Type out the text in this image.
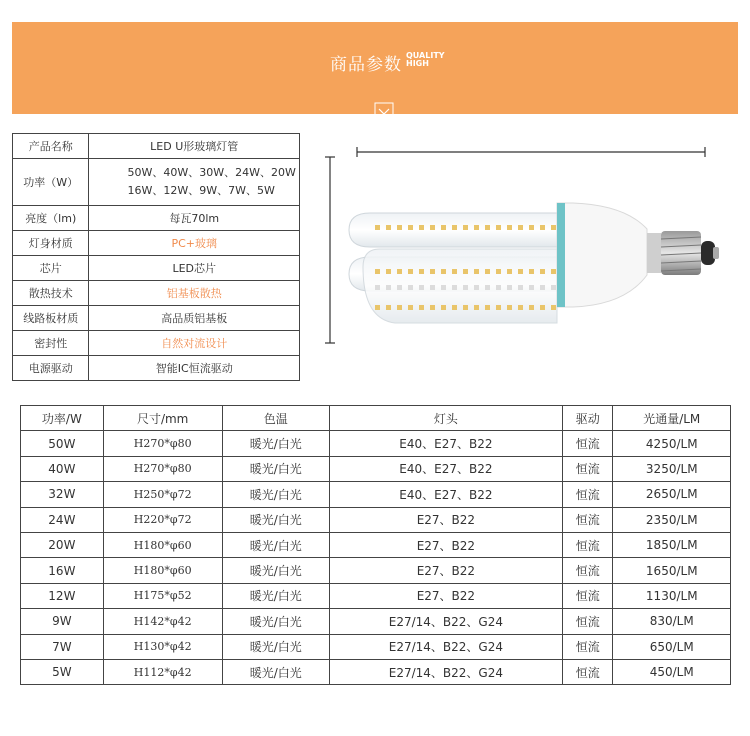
商品参数 QUALITY
HIGH
产品名称	LED U形玻璃灯管
功率（W）	50W、40W、30W、24W、20W
16W、12W、9W、7W、5W
亮度（lm)	每瓦70lm
灯身材质	PC+玻璃
芯片	LED芯片
散热技术	铝基板散热
线路板材质	高品质铝基板
密封性	自然对流设计
电源驱动	智能IC恒流驱动
功率/W	尺寸/mm	色温	灯头	驱动	光通量/LM
50W	H270*φ80	暖光/白光	E40、E27、B22	恒流	4250/LM
40W	H270*φ80	暖光/白光	E40、E27、B22	恒流	3250/LM
32W	H250*φ72	暖光/白光	E40、E27、B22	恒流	2650/LM
24W	H220*φ72	暖光/白光	E27、B22	恒流	2350/LM
20W	H180*φ60	暖光/白光	E27、B22	恒流	1850/LM
16W	H180*φ60	暖光/白光	E27、B22	恒流	1650/LM
12W	H175*φ52	暖光/白光	E27、B22	恒流	1130/LM
9W	H142*φ42	暖光/白光	E27/14、B22、G24	恒流	830/LM
7W	H130*φ42	暖光/白光	E27/14、B22、G24	恒流	650/LM
5W	H112*φ42	暖光/白光	E27/14、B22、G24	恒流	450/LM
